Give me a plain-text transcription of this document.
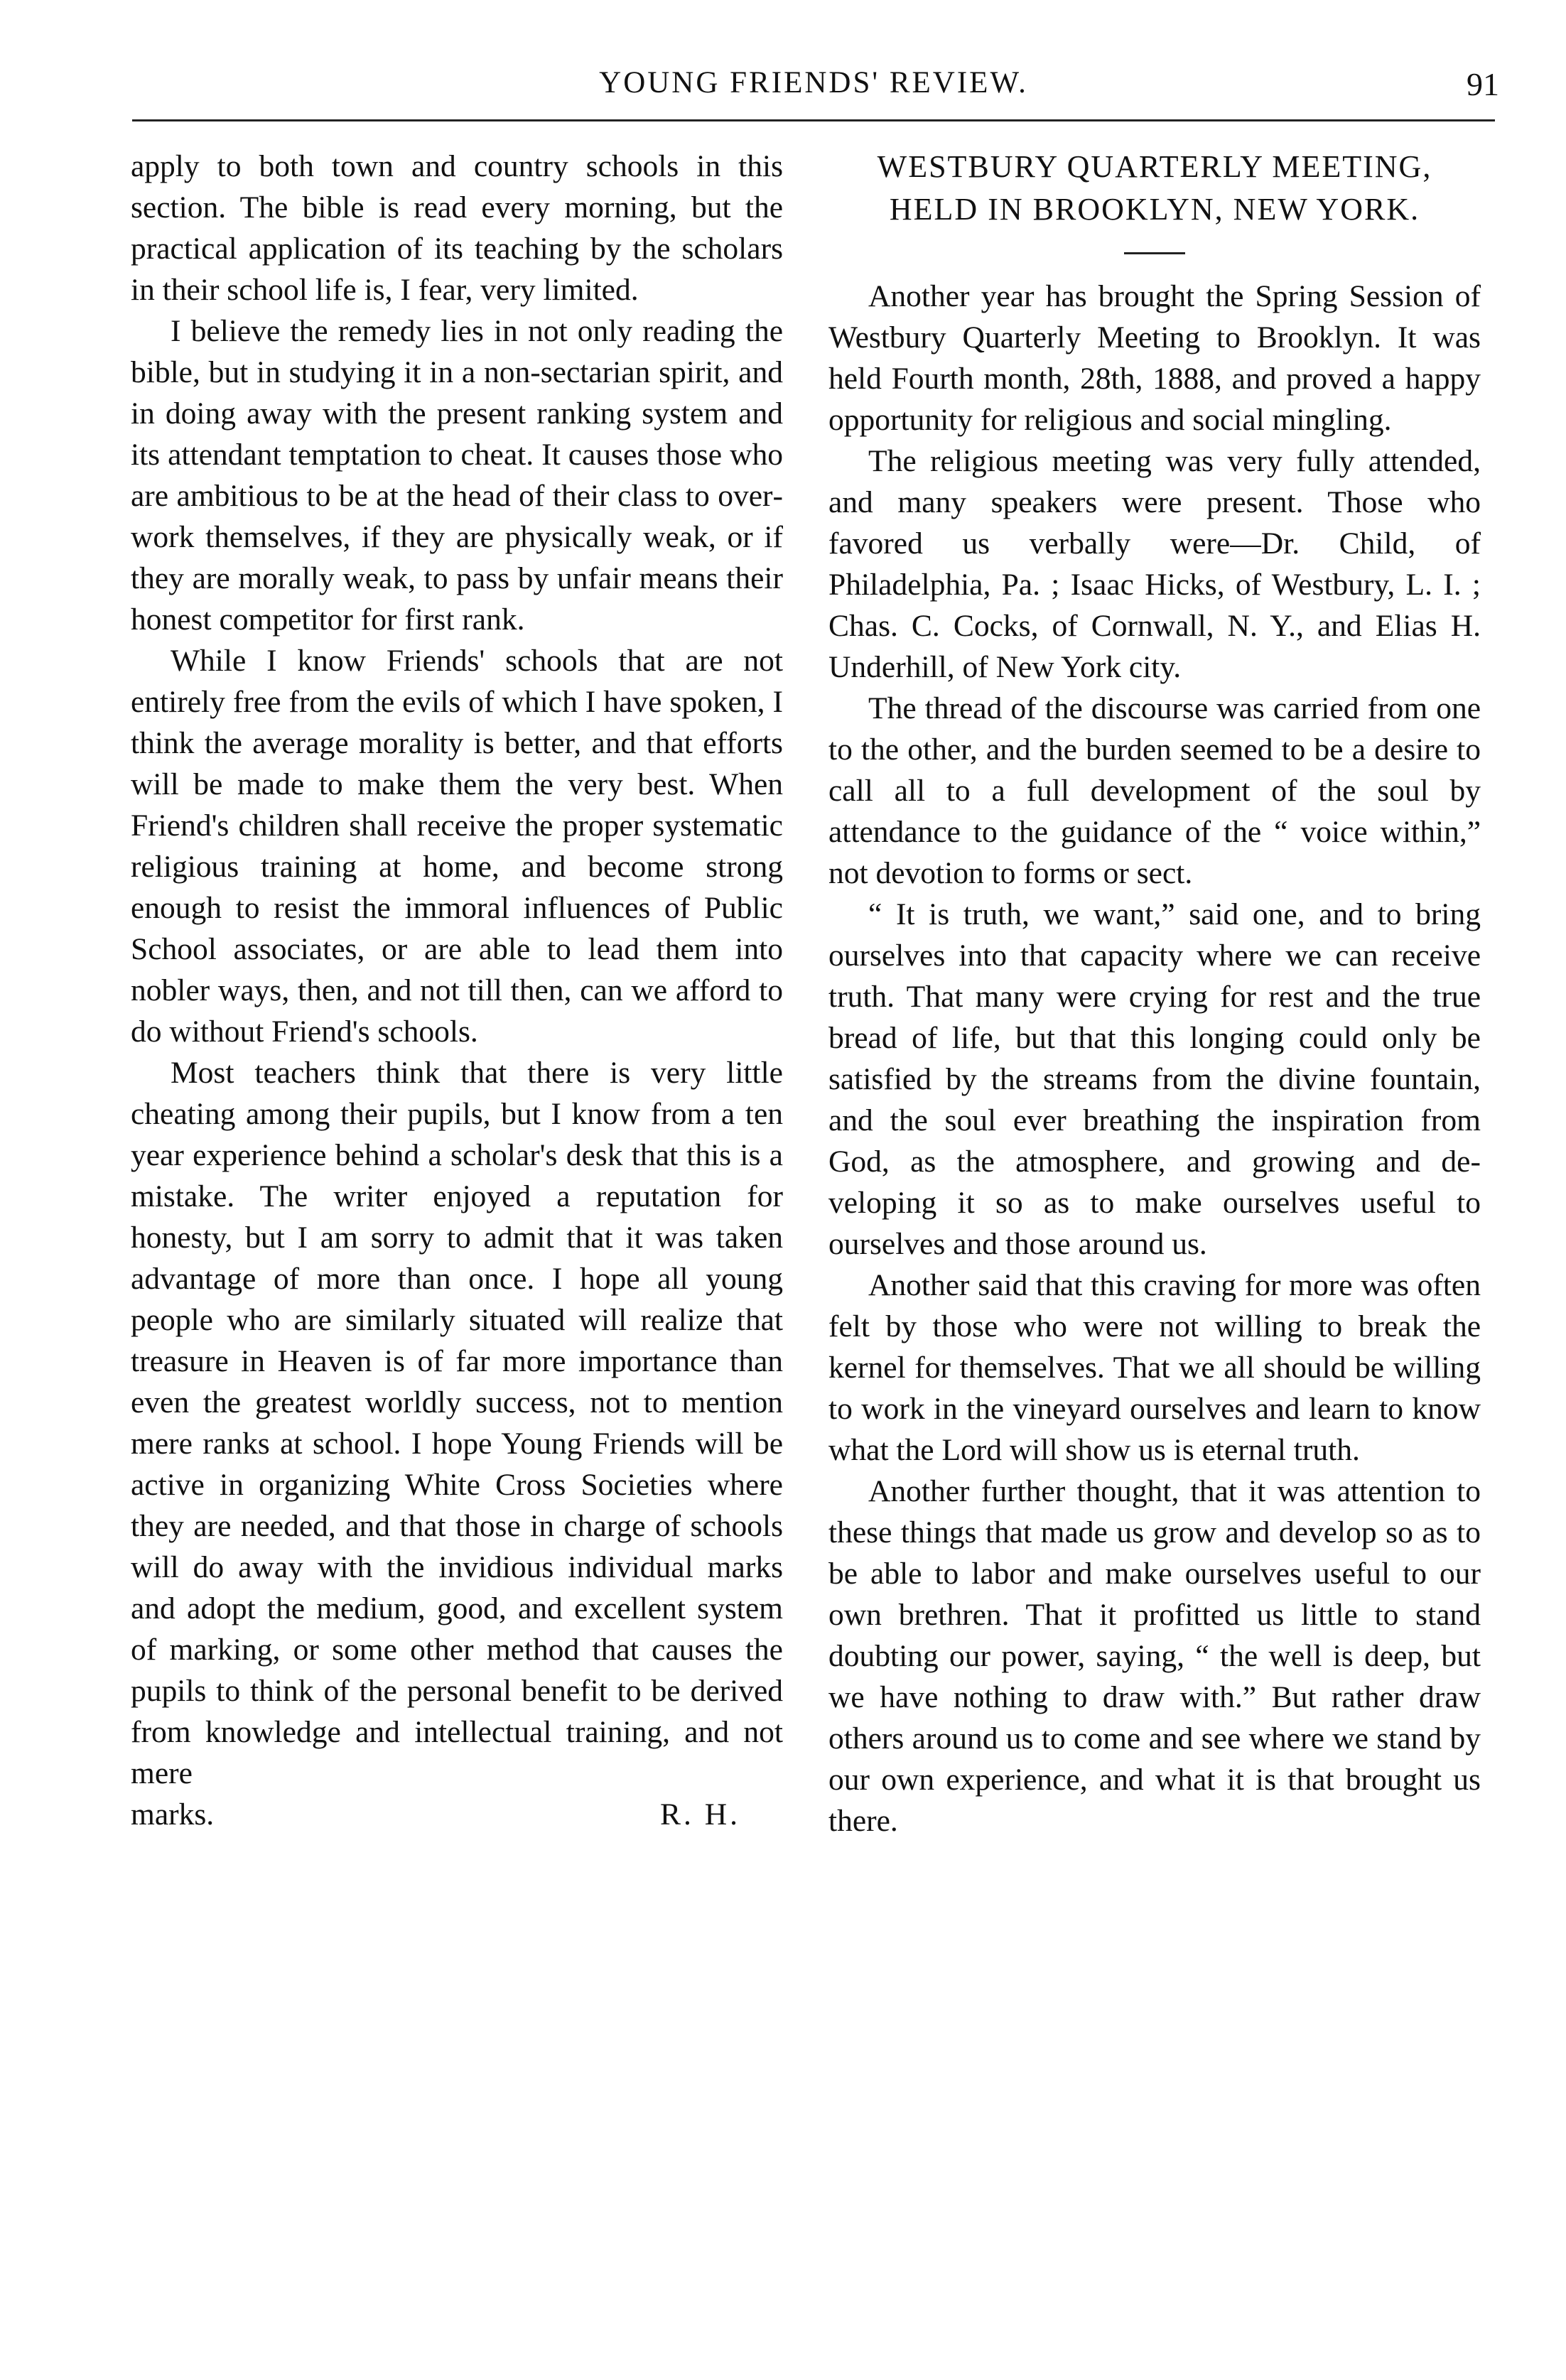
YOUNG FRIENDS' REVIEW.	91

apply to both town and country schools in this section. The bible is read every morning, but the practical application of its teaching by the scholars in their school life is, I fear, very limited.

I believe the remedy lies in not only reading the bible, but in studying it in a non-sectarian spirit, and in doing away with the present ranking system and its attendant temptation to cheat. It causes those who are ambitious to be at the head of their class to overwork themselves, if they are physically weak, or if they are morally weak, to pass by unfair means their honest competitor for first rank.

While I know Friends' schools that are not entirely free from the evils of which I have spoken, I think the average morality is better, and that efforts will be made to make them the very best. When Friend's children shall receive the proper systematic religious training at home, and become strong enough to resist the immoral influences of Public School associates, or are able to lead them into nobler ways, then, and not till then, can we afford to do without Friend's schools.

Most teachers think that there is very little cheating among their pupils, but I know from a ten year experience behind a scholar's desk that this is a mistake. The writer enjoyed a reputation for honesty, but I am sorry to admit that it was taken advantage of more than once. I hope all young people who are similarly situated will realize that treasure in Heaven is of far more importance than even the greatest worldly success, not to mention mere ranks at school. I hope Young Friends will be active in organizing White Cross Societies where they are needed, and that those in charge of schools will do away with the invidious individual marks and adopt the medium, good, and excellent system of marking, or some other method that causes the pupils to think of the personal benefit to be derived from knowledge and intellectual training, and not mere

marks.	R. H.

WESTBURY QUARTERLY MEETING, HELD IN BROOKLYN, NEW YORK.

Another year has brought the Spring Session of Westbury Quarterly Meeting to Brooklyn. It was held Fourth month, 28th, 1888, and proved a happy opportunity for religious and social mingling.

The religious meeting was very fully attended, and many speakers were present. Those who favored us verbally were—Dr. Child, of Philadelphia, Pa. ; Isaac Hicks, of Westbury, L. I. ; Chas. C. Cocks, of Cornwall, N. Y., and Elias H. Underhill, of New York city.

The thread of the discourse was carried from one to the other, and the burden seemed to be a desire to call all to a full development of the soul by attendance to the guidance of the “ voice within,” not devotion to forms or sect.

“ It is truth, we want,” said one, and to bring ourselves into that capacity where we can receive truth. That many were crying for rest and the true bread of life, but that this longing could only be satisfied by the streams from the divine fountain, and the soul ever breathing the inspiration from God, as the atmosphere, and growing and developing it so as to make ourselves useful to ourselves and those around us.

Another said that this craving for more was often felt by those who were not willing to break the kernel for themselves. That we all should be willing to work in the vineyard ourselves and learn to know what the Lord will show us is eternal truth.

Another further thought, that it was attention to these things that made us grow and develop so as to be able to labor and make ourselves useful to our own brethren. That it profitted us little to stand doubting our power, saying, “ the well is deep, but we have nothing to draw with.” But rather draw others around us to come and see where we stand by our own experience, and what it is that brought us there.
